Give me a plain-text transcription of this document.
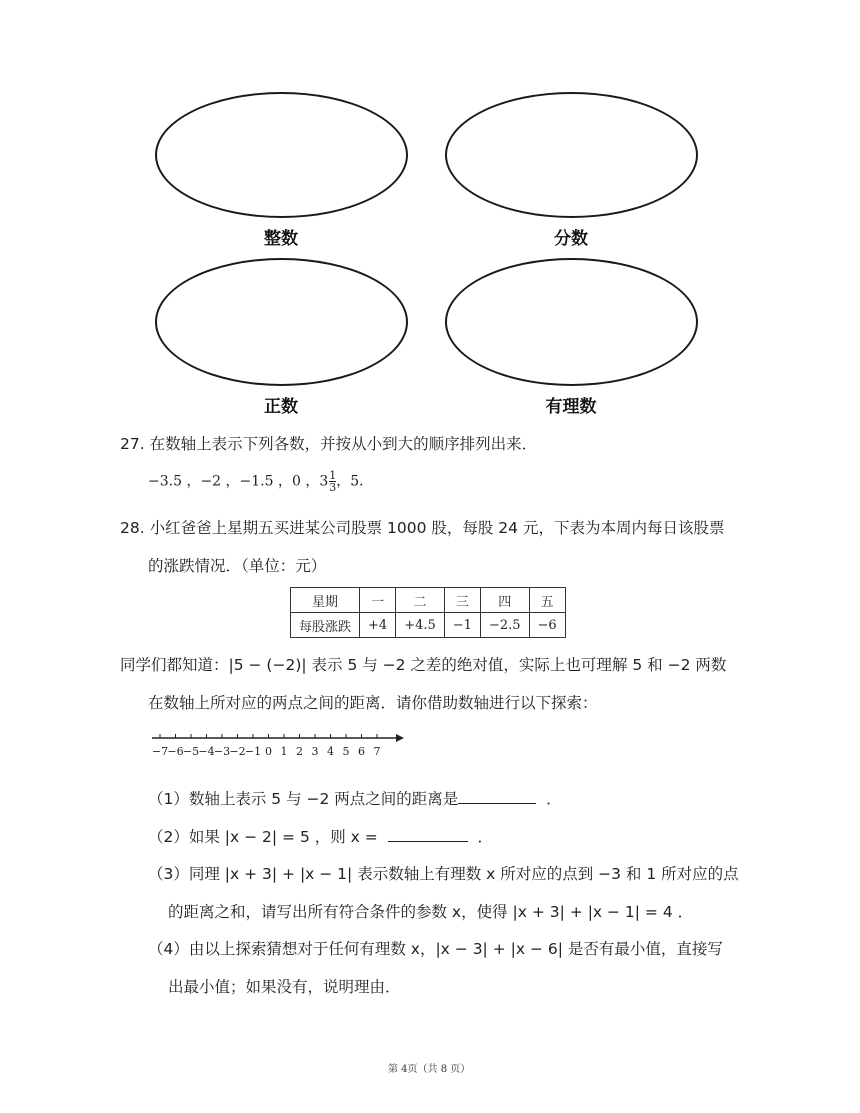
整数	分数
正数	有理数
27. 在数轴上表示下列各数，并按从小到大的顺序排列出来．
−3.5 ，−2 ，−1.5 ，0 ，$3 \frac{1}{3}$ ，5．
28. 小红爸爸上星期五买进某公司股票 1000 股，每股 24 元，下表为本周内每日该股票
的涨跌情况．（单位：元）
星期	一	二	三	四	五
每股涨跌	+4	+4.5	−1	−2.5	−6
同学们都知道：|5 − (−2)| 表示 5 与 −2 之差的绝对值，实际上也可理解 5 和 −2 两数
在数轴上所对应的两点之间的距离．请你借助数轴进行以下探索：
−7 −6 −5 −4 −3 −2 −1 0 1 2 3 4 5 6 7
（1）数轴上表示 5 与 −2 两点之间的距离是	．
（2）如果 |x − 2| = 5 ，则 x =	．
（3）同理 |x + 3| + |x − 1| 表示数轴上有理数 x 所对应的点到 −3 和 1 所对应的点
的距离之和，请写出所有符合条件的参数 x，使得 |x + 3| + |x − 1| = 4 ．
（4）由以上探索猜想对于任何有理数 x，|x − 3| + |x − 6| 是否有最小值，直接写
出最小值；如果没有，说明理由．
第 4页（共 8 页）
